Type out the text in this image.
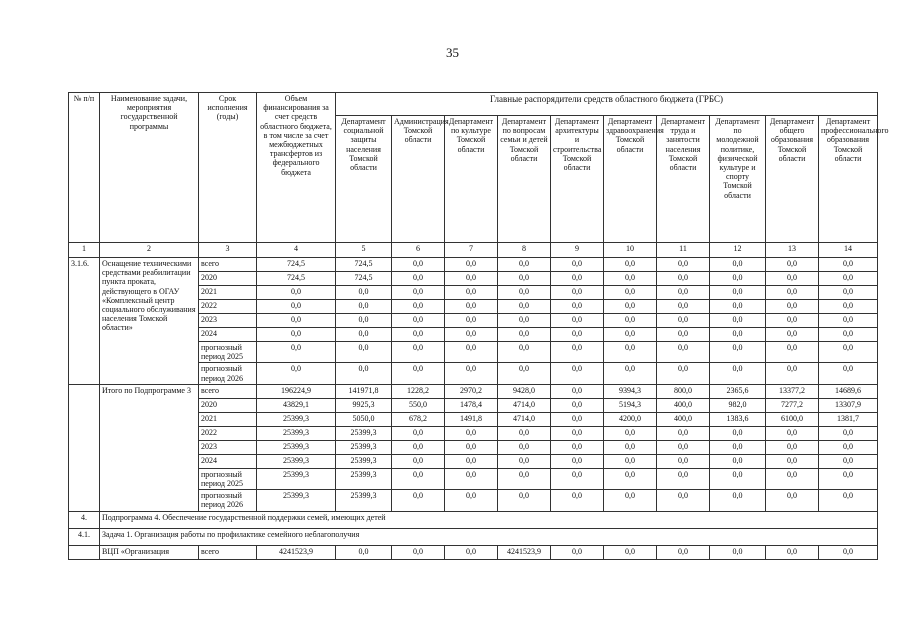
35
№ п/п	Наименование задачи, мероприятия государственной программы	Срок исполнения (годы)	Объем финансирования за счет средств областного бюджета, в том числе за счет межбюджетных трансфертов из федерального бюджета	Главные распорядители средств областного бюджета (ГРБС)									
				Департамент социальной защиты населения Томской области	Администрация Томской области	Департамент по культуре Томской области	Департамент по вопросам семьи и детей Томской области	Департамент архитектуры и строительства Томской области	Департамент здравоохранения Томской области	Департамент труда и занятости населения Томской области	Департамент по молодежной политике, физической культуре и спорту Томской области	Департамент общего образования Томской области	Департамент профессионального образования Томской области
1	2	3	4	5	6	7	8	9	10	11	12	13	14
3.1.6.	Оснащение техническими средствами реабилитации пункта проката, действующего в ОГАУ «Комплексный центр социального обслуживания населения Томской области»	всего	724,5	724,5	0,0	0,0	0,0	0,0	0,0	0,0	0,0	0,0	0,0
		2020	724,5	724,5	0,0	0,0	0,0	0,0	0,0	0,0	0,0	0,0	0,0
		2021	0,0	0,0	0,0	0,0	0,0	0,0	0,0	0,0	0,0	0,0	0,0
		2022	0,0	0,0	0,0	0,0	0,0	0,0	0,0	0,0	0,0	0,0	0,0
		2023	0,0	0,0	0,0	0,0	0,0	0,0	0,0	0,0	0,0	0,0	0,0
		2024	0,0	0,0	0,0	0,0	0,0	0,0	0,0	0,0	0,0	0,0	0,0
		прогнозный период 2025	0,0	0,0	0,0	0,0	0,0	0,0	0,0	0,0	0,0	0,0	0,0
		прогнозный период 2026	0,0	0,0	0,0	0,0	0,0	0,0	0,0	0,0	0,0	0,0	0,0
	Итого по Подпрограмме 3	всего	196224,9	141971,8	1228,2	2970,2	9428,0	0,0	9394,3	800,0	2365,6	13377,2	14689,6
		2020	43829,1	9925,3	550,0	1478,4	4714,0	0,0	5194,3	400,0	982,0	7277,2	13307,9
		2021	25399,3	5050,0	678,2	1491,8	4714,0	0,0	4200,0	400,0	1383,6	6100,0	1381,7
		2022	25399,3	25399,3	0,0	0,0	0,0	0,0	0,0	0,0	0,0	0,0	0,0
		2023	25399,3	25399,3	0,0	0,0	0,0	0,0	0,0	0,0	0,0	0,0	0,0
		2024	25399,3	25399,3	0,0	0,0	0,0	0,0	0,0	0,0	0,0	0,0	0,0
		прогнозный период 2025	25399,3	25399,3	0,0	0,0	0,0	0,0	0,0	0,0	0,0	0,0	0,0
		прогнозный период 2026	25399,3	25399,3	0,0	0,0	0,0	0,0	0,0	0,0	0,0	0,0	0,0
4.	Подпрограмма 4. Обеспечение государственной поддержки семей, имеющих детей												
4.1.	Задача 1. Организация работы по профилактике семейного неблагополучия												
	ВЦП «Организация	всего	4241523,9	0,0	0,0	0,0	4241523,9	0,0	0,0	0,0	0,0	0,0	0,0
